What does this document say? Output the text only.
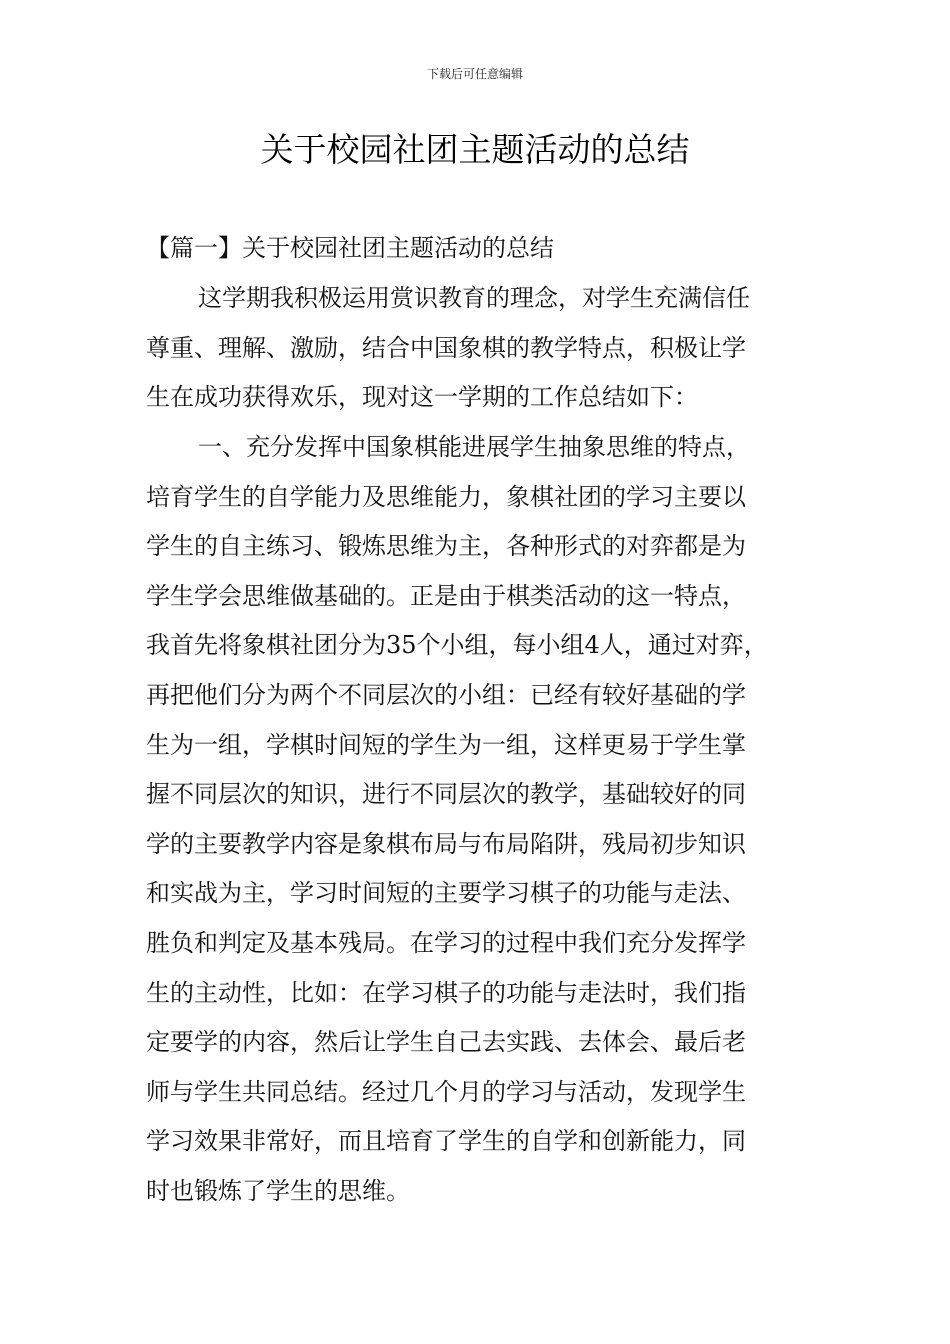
下载后可任意编辑
关于校园社团主题活动的总结
【篇一】关于校园社团主题活动的总结
这学期我积极运用赏识教育的理念，对学生充满信任
尊重、理解、激励，结合中国象棋的教学特点，积极让学
生在成功获得欢乐，现对这一学期的工作总结如下：
一、充分发挥中国象棋能进展学生抽象思维的特点，
培育学生的自学能力及思维能力，象棋社团的学习主要以
学生的自主练习、锻炼思维为主，各种形式的对弈都是为
学生学会思维做基础的。正是由于棋类活动的这一特点，
我首先将象棋社团分为35个小组，每小组4人，通过对弈，
再把他们分为两个不同层次的小组：已经有较好基础的学
生为一组，学棋时间短的学生为一组，这样更易于学生掌
握不同层次的知识，进行不同层次的教学，基础较好的同
学的主要教学内容是象棋布局与布局陷阱，残局初步知识
和实战为主，学习时间短的主要学习棋子的功能与走法、
胜负和判定及基本残局。在学习的过程中我们充分发挥学
生的主动性，比如：在学习棋子的功能与走法时，我们指
定要学的内容，然后让学生自己去实践、去体会、最后老
师与学生共同总结。经过几个月的学习与活动，发现学生
学习效果非常好，而且培育了学生的自学和创新能力，同
时也锻炼了学生的思维。
